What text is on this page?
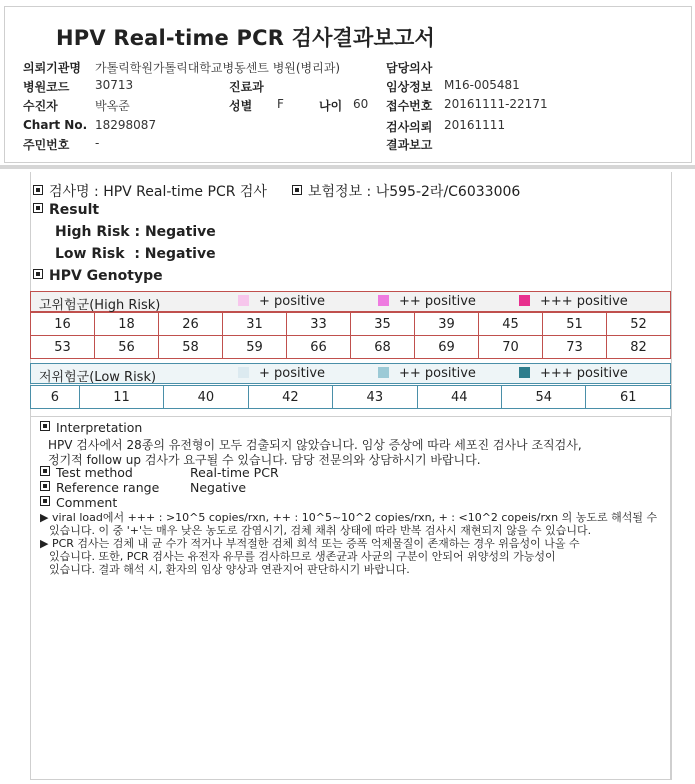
HPV Real-time PCR 검사결과보고서
의뢰기관명 가톨릭학원가톨릭대학교병동센트 병원(병리과)	담당의사
병원코드 30713	진료과	임상정보 M16-005481
수진자	박옥준	성별 F	나이 60 접수번호 20161111-22171
Chart No. 18298087	검사의뢰 20161111
주민번호 -	결과보고
검사명 : HPV Real-time PCR 검사	보험정보 : 나595-2라/C6033006
Result
High Risk : Negative
Low Risk  : Negative
HPV Genotype
고위험군(High Risk)	+ positive	++ positive	+++ positive
16	18	26	31	33	35	39	45	51	52
53	56	58	59	66	68	69	70	73	82
저위험군(Low Risk)	+ positive	++ positive	+++ positive
6	11	40	42	43	44	54	61
Interpretation
HPV 검사에서 28종의 유전형이 모두 검출되지 않았습니다. 임상 증상에 따라 세포진 검사나 조직검사,
정기적 follow up 검사가 요구될 수 있습니다. 담당 전문의와 상담하시기 바랍니다.
Test method	Real-time PCR
Reference range Negative
Comment
▶ viral load에서 +++ : >10^5 copies/rxn, ++ : 10^5~10^2 copies/rxn, + : <10^2 copeis/rxn 의 농도로 해석될 수
있습니다. 이 중 '+'는 매우 낮은 농도로 감염시기, 검체 채취 상태에 따라 반복 검사시 재현되지 않을 수 있습니다.
▶ PCR 검사는 검체 내 균 수가 적거나 부적절한 검체 희석 또는 증폭 억제물질이 존재하는 경우 위음성이 나올 수
있습니다. 또한, PCR 검사는 유전자 유무를 검사하므로 생존균과 사균의 구분이 안되어 위양성의 가능성이
있습니다. 결과 해석 시, 환자의 임상 양상과 연관지어 판단하시기 바랍니다.
